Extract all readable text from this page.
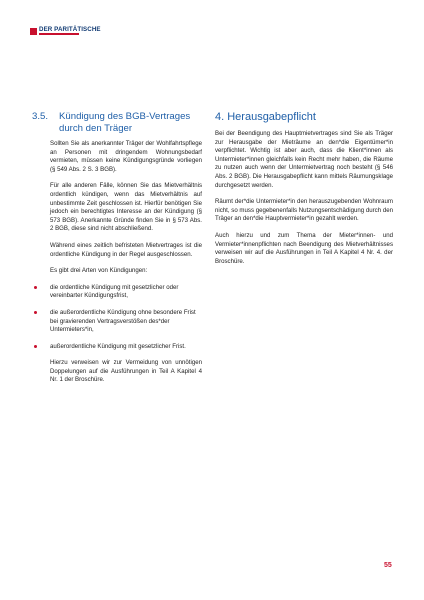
DER PARITÄTISCHE
3.5. Kündigung des BGB-Vertrages
durch den Träger

Sollten Sie als anerkannter Träger der Wohlfahrtspflege an Personen mit dringendem Wohnungsbedarf vermieten, müssen keine Kündigungsgründe vorliegen (§ 549 Abs. 2 S. 3 BGB).

Für alle anderen Fälle, können Sie das Mietverhältnis ordentlich kündigen, wenn das Mietverhältnis auf unbestimmte Zeit geschlossen ist. Hierfür benötigen Sie jedoch ein berechtigtes Interesse an der Kündigung (§ 573 BGB). Anerkannte Gründe finden Sie in § 573 Abs. 2 BGB, diese sind nicht abschließend.

Während eines zeitlich befristeten Mietvertrages ist die ordentliche Kündigung in der Regel ausgeschlossen.

Es gibt drei Arten von Kündigungen:

die ordentliche Kündigung mit gesetzlicher oder vereinbarter Kündigungsfrist,
die außerordentliche Kündigung ohne besondere Frist bei gravierenden Vertragsverstößen des*der Untermieters*in,
außerordentliche Kündigung mit gesetzlicher Frist.

Hierzu verweisen wir zur Vermeidung von unnötigen Doppelungen auf die Ausführungen in Teil A Kapitel 4 Nr. 1 der Broschüre.

4. Herausgabepflicht

Bei der Beendigung des Hauptmietvertrages sind Sie als Träger zur Herausgabe der Mieträume an den*die Eigentümer*in verpflichtet. Wichtig ist aber auch, dass die Klient*innen als Untermieter*innen gleichfalls kein Recht mehr haben, die Räume zu nutzen auch wenn der Untermietvertrag noch besteht (§ 546 Abs. 2 BGB). Die Herausgabepflicht kann mittels Räumungsklage durchgesetzt werden.

Räumt der*die Untermieter*in den herauszugebenden Wohnraum nicht, so muss gegebenenfalls Nutzungsentschädigung durch den Träger an den*die Hauptvermieter*in gezahlt werden.

Auch hierzu und zum Thema der Mieter*innen- und Vermieter*innenpflichten nach Beendigung des Mietverhältnisses verweisen wir auf die Ausführungen in Teil A Kapitel 4 Nr. 4. der Broschüre.

55
